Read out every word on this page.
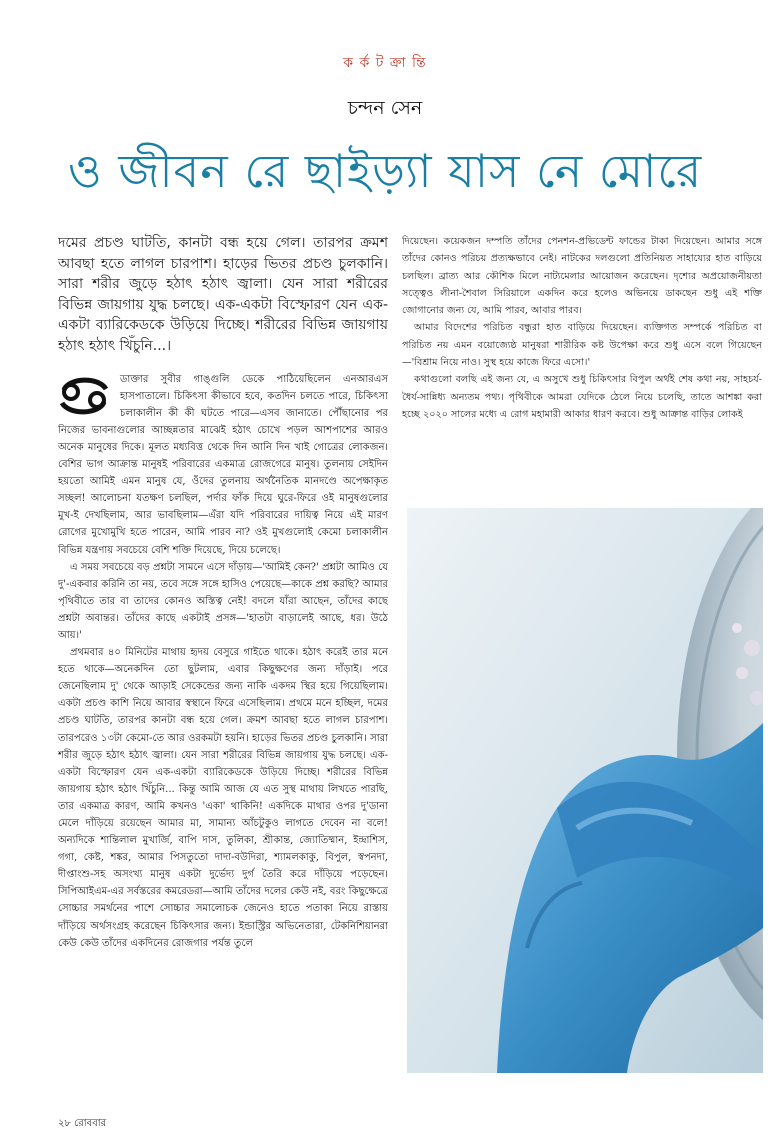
ক র্ক ট ক্রা ন্তি
চন্দন সেন
ও জীবন রে ছাইড়্যা যাস নে মোরে

দমের প্রচণ্ড ঘাটতি, কানটা বন্ধ হয়ে গেল। তারপর ক্রমশ আবছা হতে লাগল চারপাশ। হাড়ের ভিতর প্রচণ্ড চুলকানি। সারা শরীর জুড়ে হঠাৎ হঠাৎ জ্বালা। যেন সারা শরীরের বিভিন্ন জায়গায় যুদ্ধ চলছে। এক-একটা বিস্ফোরণ যেন এক-একটা ব্যারিকেডকে উড়িয়ে দিচ্ছে। শরীরের বিভিন্ন জায়গায় হঠাৎ হঠাৎ খিঁচুনি...।

ডাক্তার সুবীর গাঙ্গুলি ডেকে পাঠিয়েছিলেন এনআরএস হাসপাতালে। চিকিৎসা কীভাবে হবে, কতদিন চলতে পারে, চিকিৎসা চলাকালীন কী কী ঘটতে পারে—এসব জানাতে। পৌঁছানোর পর নিজের ভাবনাগুলোর আচ্ছন্নতার মাঝেই হঠাৎ চোখে পড়ল আশপাশের আরও অনেক মানুষের দিকে। মূলত মধ্যবিত্ত থেকে দিন আনি দিন খাই গোত্রের লোকজন। বেশির ভাগ আক্রান্ত মানুষই পরিবারের একমাত্র রোজগেরে মানুষ। তুলনায় সেইদিন হয়তো আমিই এমন মানুষ যে, ওঁদের তুলনায় অর্থনৈতিক মানদণ্ডে অপেক্ষাকৃত সচ্ছল! আলোচনা যতক্ষণ চলছিল, পর্দার ফাঁক দিয়ে ঘুরে-ফিরে ওই মানুষগুলোর মুখ-ই দেখছিলাম, আর ভাবছিলাম—এঁরা যদি পরিবারের দায়িত্ব নিয়ে এই মারণ রোগের মুখোমুখি হতে পারেন, আমি পারব না? ওই মুখগুলোই কেমো চলাকালীন বিভিন্ন যন্ত্রণায় সবচেয়ে বেশি শক্তি দিয়েছে, দিয়ে চলেছে।

এ সময় সবচেয়ে বড় প্রশ্নটা সামনে এসে দাঁড়ায়—'আমিই কেন?' প্রশ্নটা আমিও যে দু'-একবার করিনি তা নয়, তবে সঙ্গে সঙ্গে হাসিও পেয়েছে—কাকে প্রশ্ন করছি? আমার পৃথিবীতে তার বা তাদের কোনও অস্তিত্ব নেই! বদলে যাঁরা আছেন, তাঁদের কাছে প্রশ্নটা অবান্তর। তাঁদের কাছে একটাই প্রসঙ্গ—'হাতটা বাড়ালেই আছে, ধর। উঠে আয়।'

প্রথমবার ৪০ মিনিটের মাথায় হৃদয় বেসুরে গাইতে থাকে। হঠাৎ করেই তার মনে হতে থাকে—অনেকদিন তো ছুটলাম, এবার কিছুক্ষণের জন্য দাঁড়াই। পরে জেনেছিলাম দু' থেকে আড়াই সেকেন্ডের জন্য নাকি একদম স্থির হয়ে গিয়েছিলাম। একটা প্রচণ্ড কাশি নিয়ে আবার স্বস্থানে ফিরে এসেছিলাম। প্রথমে মনে হচ্ছিল, দমের প্রচণ্ড ঘাটতি, তারপর কানটা বন্ধ হয়ে গেল। ক্রমশ আবছা হতে লাগল চারপাশ। তারপরেও ১৩টা কেমো-তে আর ওরকমটা হয়নি। হাড়ের ভিতর প্রচণ্ড চুলকানি। সারা শরীর জুড়ে হঠাৎ হঠাৎ জ্বালা। যেন সারা শরীরের বিভিন্ন জায়গায় যুদ্ধ চলছে। এক-একটা বিস্ফোরণ যেন এক-একটা ব্যারিকেডকে উড়িয়ে দিচ্ছে। শরীরের বিভিন্ন জায়গায় হঠাৎ হঠাৎ খিঁচুনি... কিন্তু আমি আজ যে এত সুস্থ মাথায় লিখতে পারছি, তার একমাত্র কারণ, আমি কখনও 'একা' থাকিনি! একদিকে মাথার ওপর দু'ডানা মেলে দাঁড়িয়ে রয়েছেন আমার মা, সামান্য আঁচটুকুও লাগতে দেবেন না বলে! অন্যদিকে শান্তিলাল মুখার্জি, বাপি দাস, তুলিকা, শ্রীকান্ত, জ্যোতিষ্মান, ইন্দ্রাশিস, গগা, কেষ্ট, শঙ্কর, আমার পিসতুতো দাদা-বউদিরা, শ্যামলকাকু, বিপুল, স্বপনদা, দীপ্তাংশু-সহ অসংখ্য মানুষ একটা দুর্ভেদ্য দুর্গ তৈরি করে দাঁড়িয়ে পড়েছেন। সিপিআইএম-এর সর্বস্তরের কমরেডরা—আমি তাঁদের দলের কেউ নই, বরং কিছুক্ষেত্রে সোচ্চার সমর্থনের পাশে সোচ্চার সমালোচক জেনেও হাতে পতাকা নিয়ে রাস্তায় দাঁড়িয়ে অর্থসংগ্রহ করেছেন চিকিৎসার জন্য। ইন্ডাস্ট্রির অভিনেতারা, টেকনিশিয়ানরা কেউ কেউ তাঁদের একদিনের রোজগার পর্যন্ত তুলে

দিয়েছেন। কয়েকজন দম্পতি তাঁদের পেনশন-প্রভিডেন্ট ফান্ডের টাকা দিয়েছেন। আমার সঙ্গে তাঁদের কোনও পরিচয় প্রত্যক্ষভাবে নেই। নাটকের দলগুলো প্রতিনিয়ত সাহায্যের হাত বাড়িয়ে চলছিল। ব্রাত্য আর কৌশিক মিলে নাট্যমেলার আয়োজন করেছেন। দৃশ্যের অপ্রয়োজনীয়তা সত্ত্বেও লীনা-শৈবাল সিরিয়ালে একদিন করে হলেও অভিনয়ে ডাকছেন শুধু এই শক্তি জোগানোর জন্য যে, আমি পারব, আবার পারব।

আমার বিদেশের পরিচিত বন্ধুরা হাত বাড়িয়ে দিয়েছেন। ব্যক্তিগত সম্পর্কে পরিচিত বা পরিচিত নয় এমন বয়োজ্যেষ্ঠ মানুষরা শারীরিক কষ্ট উপেক্ষা করে শুধু এসে বলে গিয়েছেন—'বিশ্রাম নিয়ে নাও। সুস্থ হয়ে কাজে ফিরে এসো।'

কথাগুলো বলছি এই জন্য যে, এ অসুখে শুধু চিকিৎসার বিপুল অর্থই শেষ কথা নয়, সাহচর্য-ধৈর্য-সান্নিধ্য অন্যতম পথ্য। পৃথিবীকে আমরা যেদিকে ঠেলে নিয়ে চলেছি, তাতে আশঙ্কা করা হচ্ছে ২০২০ সালের মধ্যে এ রোগ মহামারী আকার ধারণ করবে। শুধু আক্রান্ত বাড়ির লোকই

২৮ রোববার
